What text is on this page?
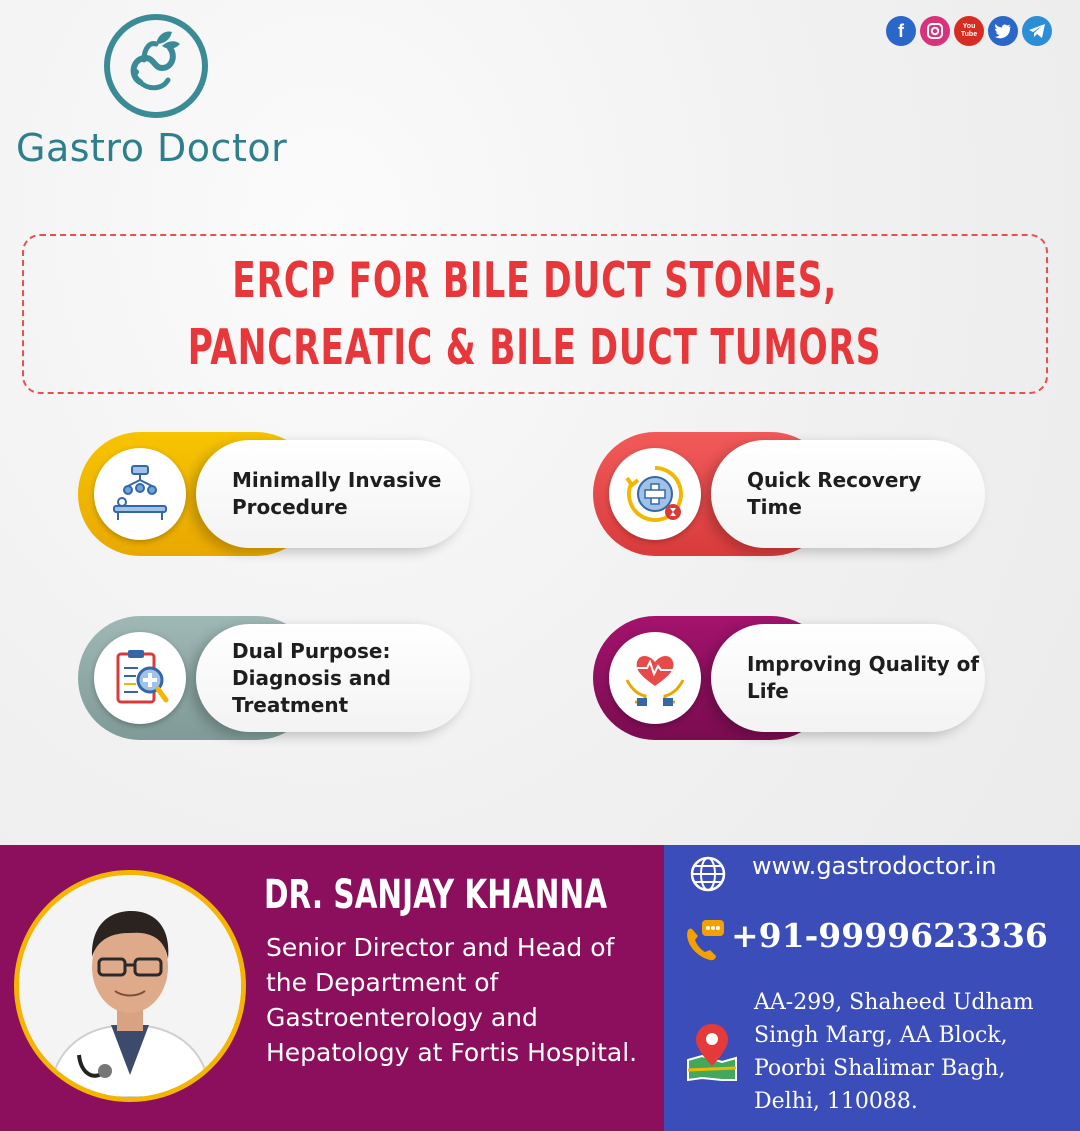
Gastro Doctor
f	You
Tube
ERCP FOR BILE DUCT STONES,
PANCREATIC & BILE DUCT TUMORS
Minimally Invasive Procedure
Quick Recovery Time
Dual Purpose: Diagnosis and Treatment
Improving Quality of Life
DR. SANJAY KHANNA
Senior Director and Head of the Department of Gastroenterology and Hepatology at Fortis Hospital.
www.gastrodoctor.in
+91-9999623336
AA-299, Shaheed Udham Singh Marg, AA Block, Poorbi Shalimar Bagh, Delhi, 110088.
